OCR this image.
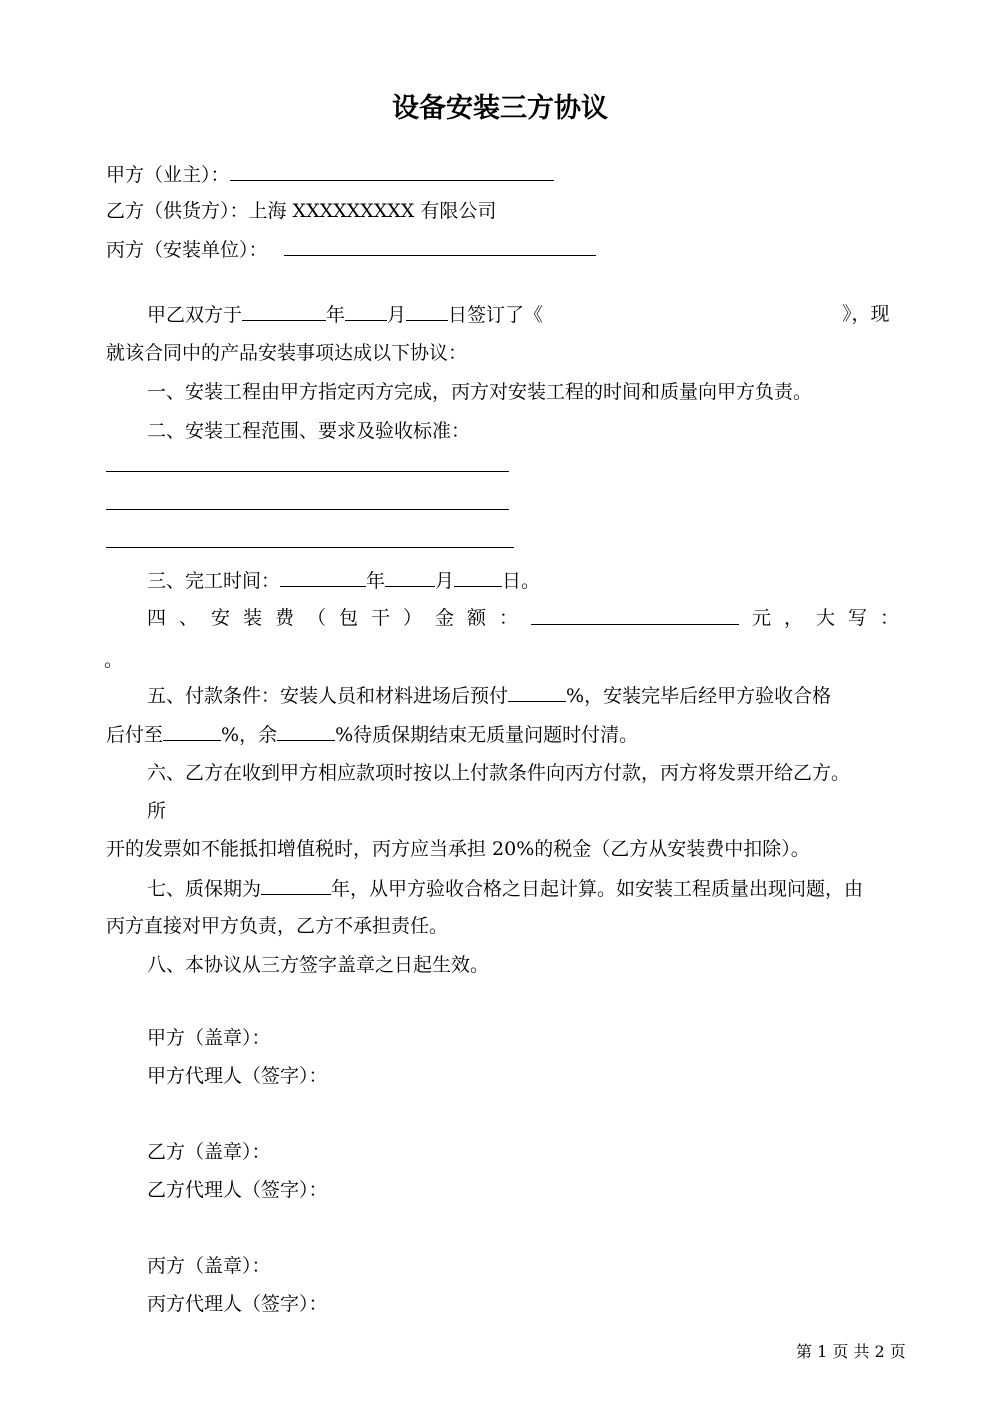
设备安装三方协议
甲方（业主）：
乙方（供货方）：上海 XXXXXXXXX 有限公司
丙方（安装单位）：
甲乙双方于	年 月 日签订了《	》，现
就该合同中的产品安装事项达成以下协议：
一、安装工程由甲方指定丙方完成，丙方对安装工程的时间和质量向甲方负责。
二、安装工程范围、要求及验收标准：
三、完工时间：	年	月	日。
四 、 安 装 费 （ 包 干 ） 金 额 ：	元 ， 大 写 ：
。
五、付款条件：安装人员和材料进场后预付	%，安装完毕后经甲方验收合格
后付至	%，余	%待质保期结束无质量问题时付清。
六、乙方在收到甲方相应款项时按以上付款条件向丙方付款，丙方将发票开给乙方。
所
开的发票如不能抵扣增值税时，丙方应当承担 20%的税金（乙方从安装费中扣除）。
七、质保期为	年，从甲方验收合格之日起计算。如安装工程质量出现问题，由
丙方直接对甲方负责，乙方不承担责任。
八、本协议从三方签字盖章之日起生效。
甲方（盖章）：
甲方代理人（签字）：
乙方（盖章）：
乙方代理人（签字）：
丙方（盖章）：
丙方代理人（签字）：
第 1 页 共 2 页
